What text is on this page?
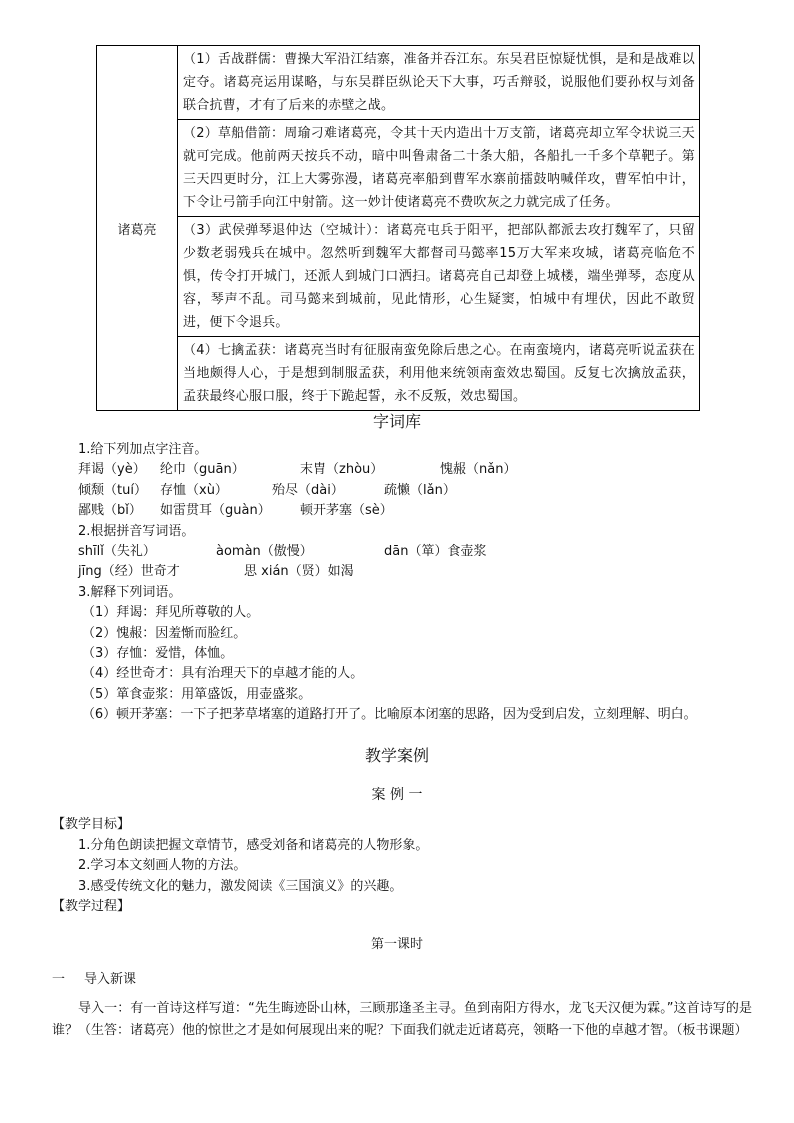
诸葛亮	
（1）舌战群儒：曹操大军沿江结寨，准备并吞江东。东吴君臣惊疑忧惧，是和是战难以定夺。诸葛亮运用谋略，与东吴群臣纵论天下大事，巧舌辩驳，说服他们要孙权与刘备联合抗曹，才有了后来的赤壁之战。

（2）草船借箭：周瑜刁难诸葛亮，令其十天内造出十万支箭，诸葛亮却立军令状说三天就可完成。他前两天按兵不动，暗中叫鲁肃备二十条大船，各船扎一千多个草靶子。第三天四更时分，江上大雾弥漫，诸葛亮率船到曹军水寨前擂鼓呐喊佯攻，曹军怕中计，下令让弓箭手向江中射箭。这一妙计使诸葛亮不费吹灰之力就完成了任务。

（3）武侯弹琴退仲达（空城计）：诸葛亮屯兵于阳平，把部队都派去攻打魏军了，只留少数老弱残兵在城中。忽然听到魏军大都督司马懿率15万大军来攻城，诸葛亮临危不惧，传令打开城门，还派人到城门口洒扫。诸葛亮自己却登上城楼，端坐弹琴，态度从容，琴声不乱。司马懿来到城前，见此情形，心生疑窦，怕城中有埋伏，因此不敢贸进，便下令退兵。

（4）七擒孟获：诸葛亮当时有征服南蛮免除后患之心。在南蛮境内，诸葛亮听说孟获在当地颇得人心，于是想到制服孟获，利用他来统领南蛮效忠蜀国。反复七次擒放孟获，孟获最终心服口服，终于下跪起誓，永不反叛，效忠蜀国。
字词库
1.给下列加点字注音。
拜谒（yè） 纶巾（guān）	末胄（zhòu）	愧赧（nǎn）
倾颓（tuí） 存恤（xù）	殆尽（dài）	疏懒（lǎn）
鄙贱（bǐ） 如雷贯耳（guàn） 顿开茅塞（sè）
2.根据拼音写词语。
shīlǐ（失礼）	àomàn（傲慢）	dān（箪）食壶浆
jīng（经）世奇才	思 xián（贤）如渴
3.解释下列词语。
（1）拜谒：拜见所尊敬的人。
（2）愧赧：因羞惭而脸红。
（3）存恤：爱惜，体恤。
（4）经世奇才：具有治理天下的卓越才能的人。
（5）箪食壶浆：用箪盛饭，用壶盛浆。
（6）顿开茅塞：一下子把茅草堵塞的道路打开了。比喻原本闭塞的思路，因为受到启发，立刻理解、明白。
教学案例
案 例 一
【教学目标】
1.分角色朗读把握文章情节，感受刘备和诸葛亮的人物形象。
2.学习本文刻画人物的方法。
3.感受传统文化的魅力，激发阅读《三国演义》的兴趣。
【教学过程】
第一课时
一 导入新课
导入一：有一首诗这样写道：“先生晦迹卧山林，三顾那逢圣主寻。鱼到南阳方得水，龙飞天汉便为霖。”这首诗写的是谁？（生答：诸葛亮）他的惊世之才是如何展现出来的呢？下面我们就走近诸葛亮，领略一下他的卓越才智。（板书课题）
